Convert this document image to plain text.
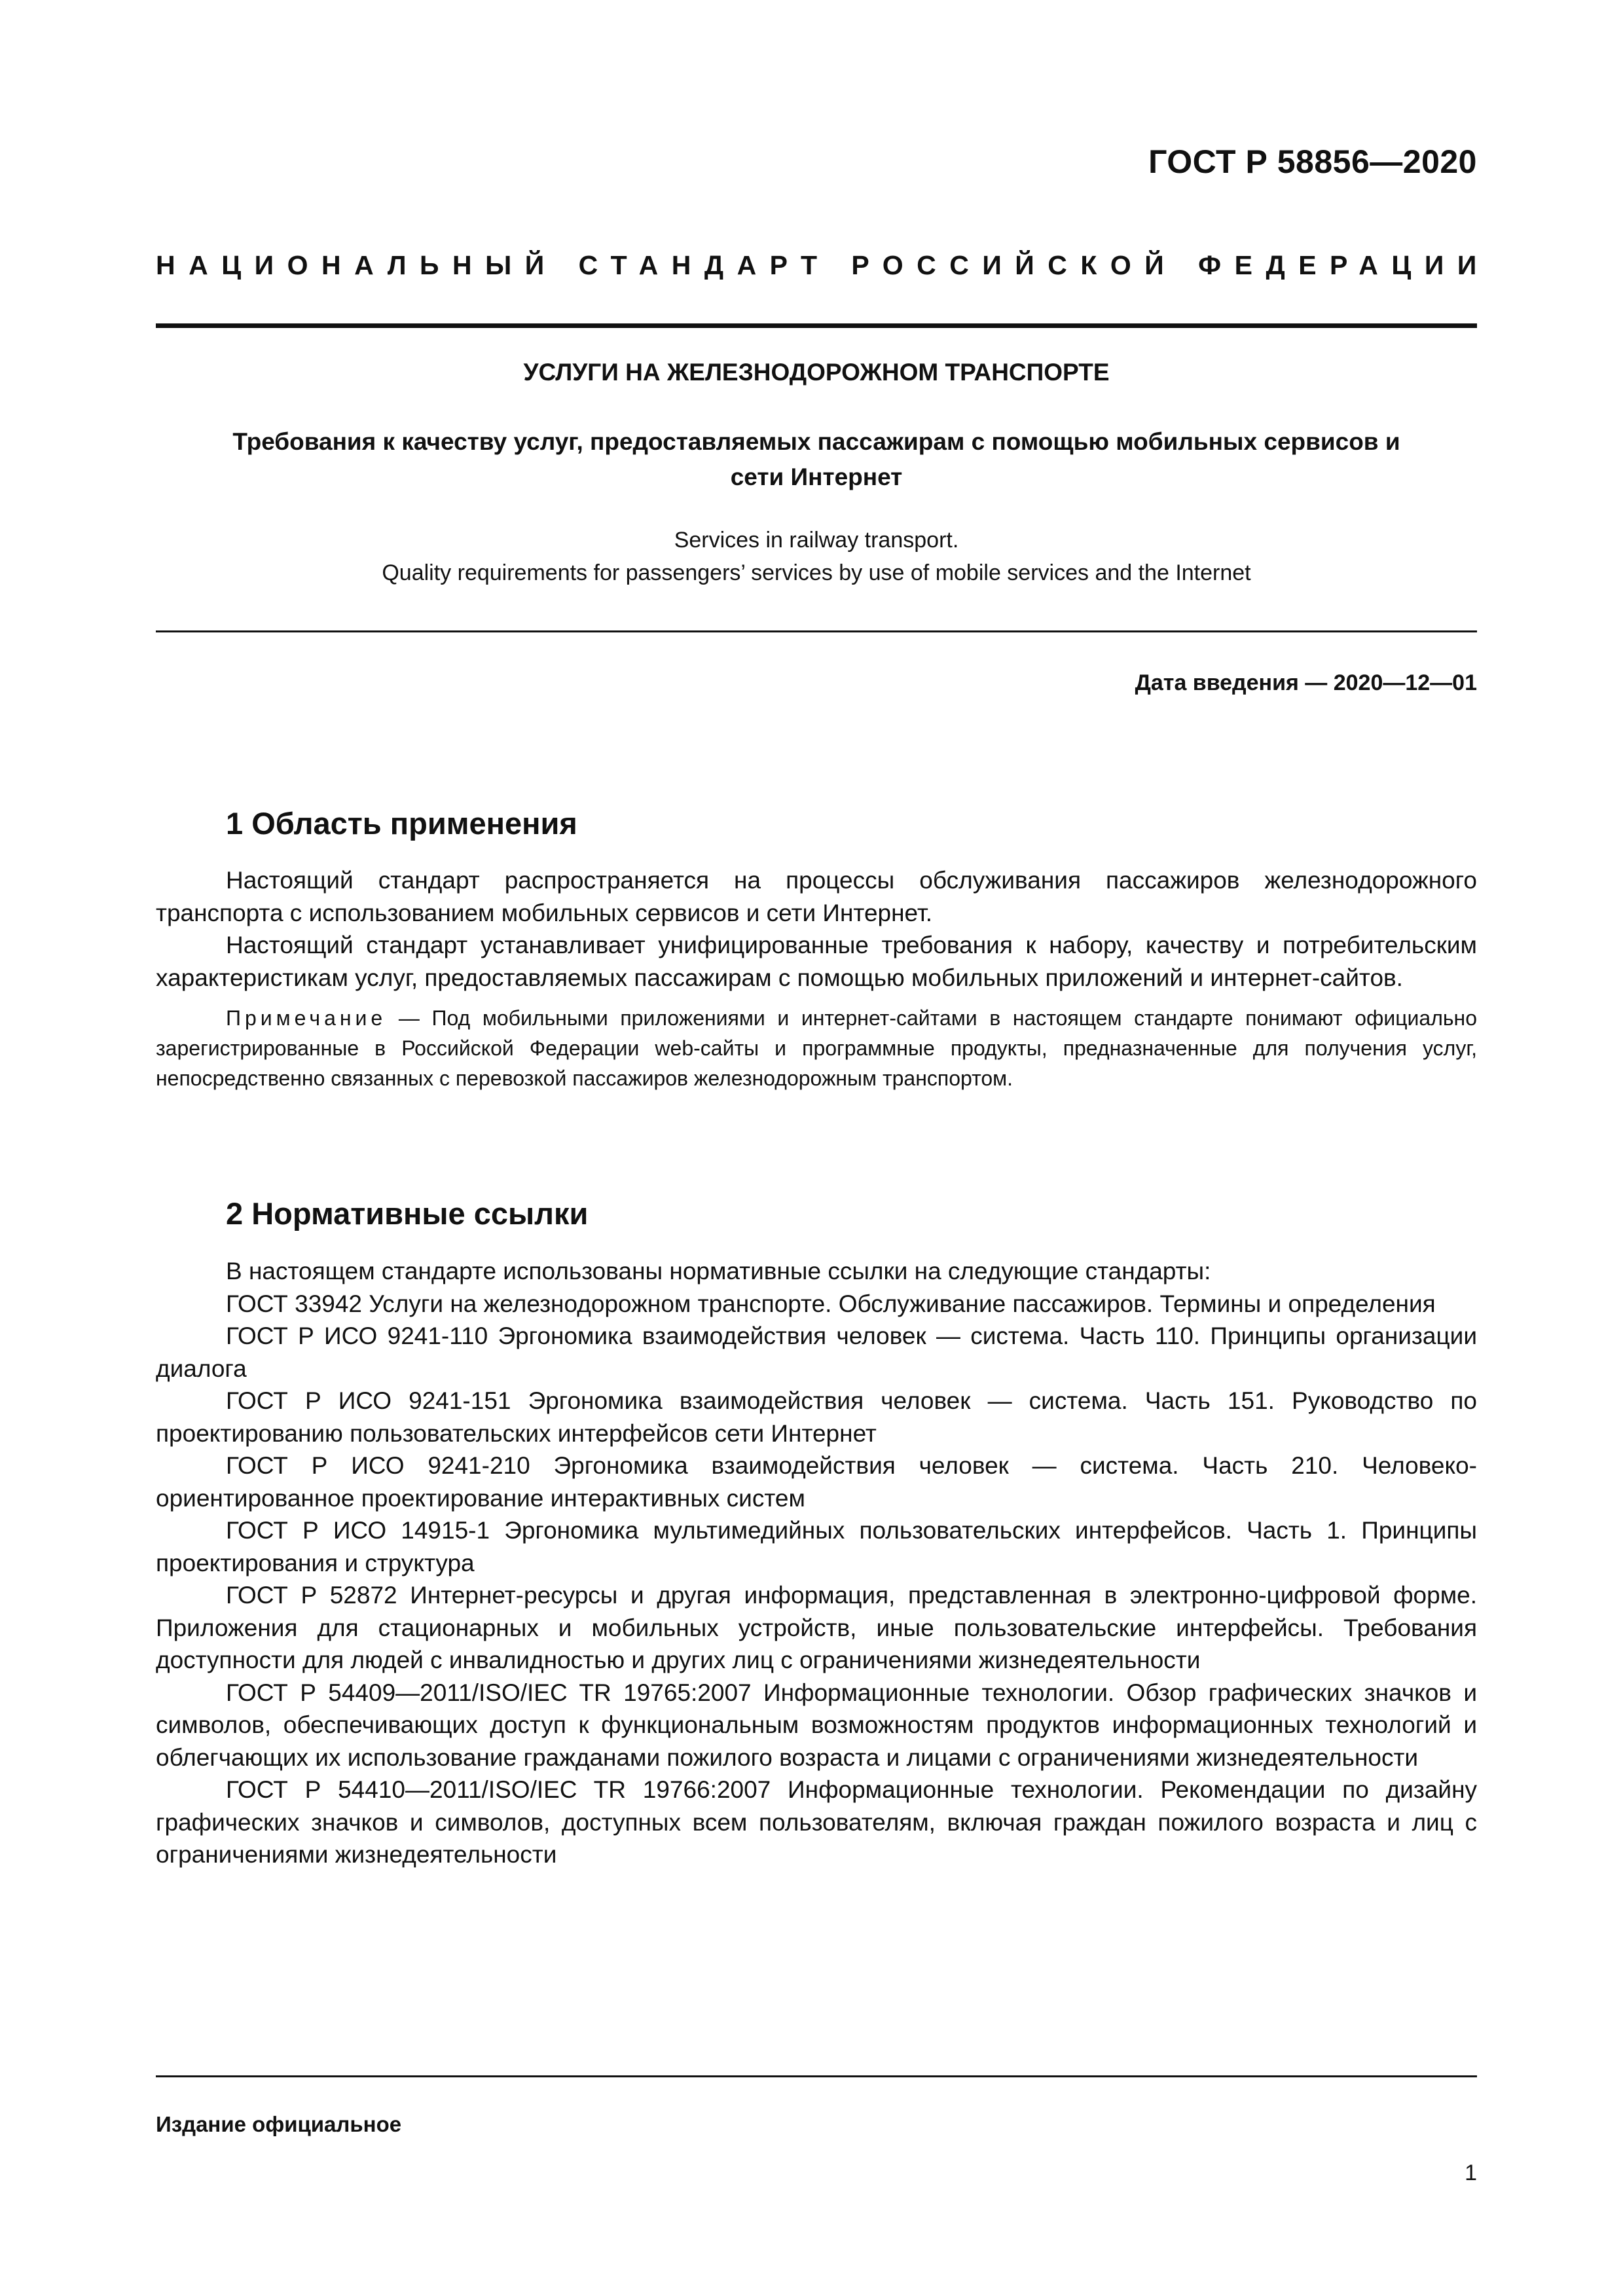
ГОСТ Р 58856—2020
НАЦИОНАЛЬНЫЙ СТАНДАРТ РОССИЙСКОЙ ФЕДЕРАЦИИ
УСЛУГИ НА ЖЕЛЕЗНОДОРОЖНОМ ТРАНСПОРТЕ
Требования к качеству услуг, предоставляемых пассажирам с помощью мобильных сервисов и
сети Интернет
Services in railway transport.
Quality requirements for passengers’ services by use of mobile services and the Internet
Дата введения — 2020—12—01
1 Область применения

Настоящий стандарт распространяется на процессы обслуживания пассажиров железнодорожного транспорта с использованием мобильных сервисов и сети Интернет.

Настоящий стандарт устанавливает унифицированные требования к набору, качеству и потребительским характеристикам услуг, предоставляемых пассажирам с помощью мобильных приложений и интернет-сайтов.

Примечание — Под мобильными приложениями и интернет-сайтами в настоящем стандарте понимают официально зарегистрированные в Российской Федерации web-сайты и программные продукты, предназначенные для получения услуг, непосредственно связанных с перевозкой пассажиров железнодорожным транспортом.

2 Нормативные ссылки

В настоящем стандарте использованы нормативные ссылки на следующие стандарты:

ГОСТ 33942 Услуги на железнодорожном транспорте. Обслуживание пассажиров. Термины и определения

ГОСТ Р ИСО 9241-110 Эргономика взаимодействия человек — система. Часть 110. Принципы организации диалога

ГОСТ Р ИСО 9241-151 Эргономика взаимодействия человек — система. Часть 151. Руководство по проектированию пользовательских интерфейсов сети Интернет

ГОСТ Р ИСО 9241-210 Эргономика взаимодействия человек — система. Часть 210. Человеко-ориентированное проектирование интерактивных систем

ГОСТ Р ИСО 14915-1 Эргономика мультимедийных пользовательских интерфейсов. Часть 1. Принципы проектирования и структура

ГОСТ Р 52872 Интернет-ресурсы и другая информация, представленная в электронно-цифровой форме. Приложения для стационарных и мобильных устройств, иные пользовательские интерфейсы. Требования доступности для людей с инвалидностью и других лиц с ограничениями жизнедеятельности

ГОСТ Р 54409—2011/ISO/IEC TR 19765:2007 Информационные технологии. Обзор графических значков и символов, обеспечивающих доступ к функциональным возможностям продуктов информационных технологий и облегчающих их использование гражданами пожилого возраста и лицами с ограничениями жизнедеятельности

ГОСТ Р 54410—2011/ISO/IEC TR 19766:2007 Информационные технологии. Рекомендации по дизайну графических значков и символов, доступных всем пользователям, включая граждан пожилого возраста и лиц с ограничениями жизнедеятельности

Издание официальное
1
